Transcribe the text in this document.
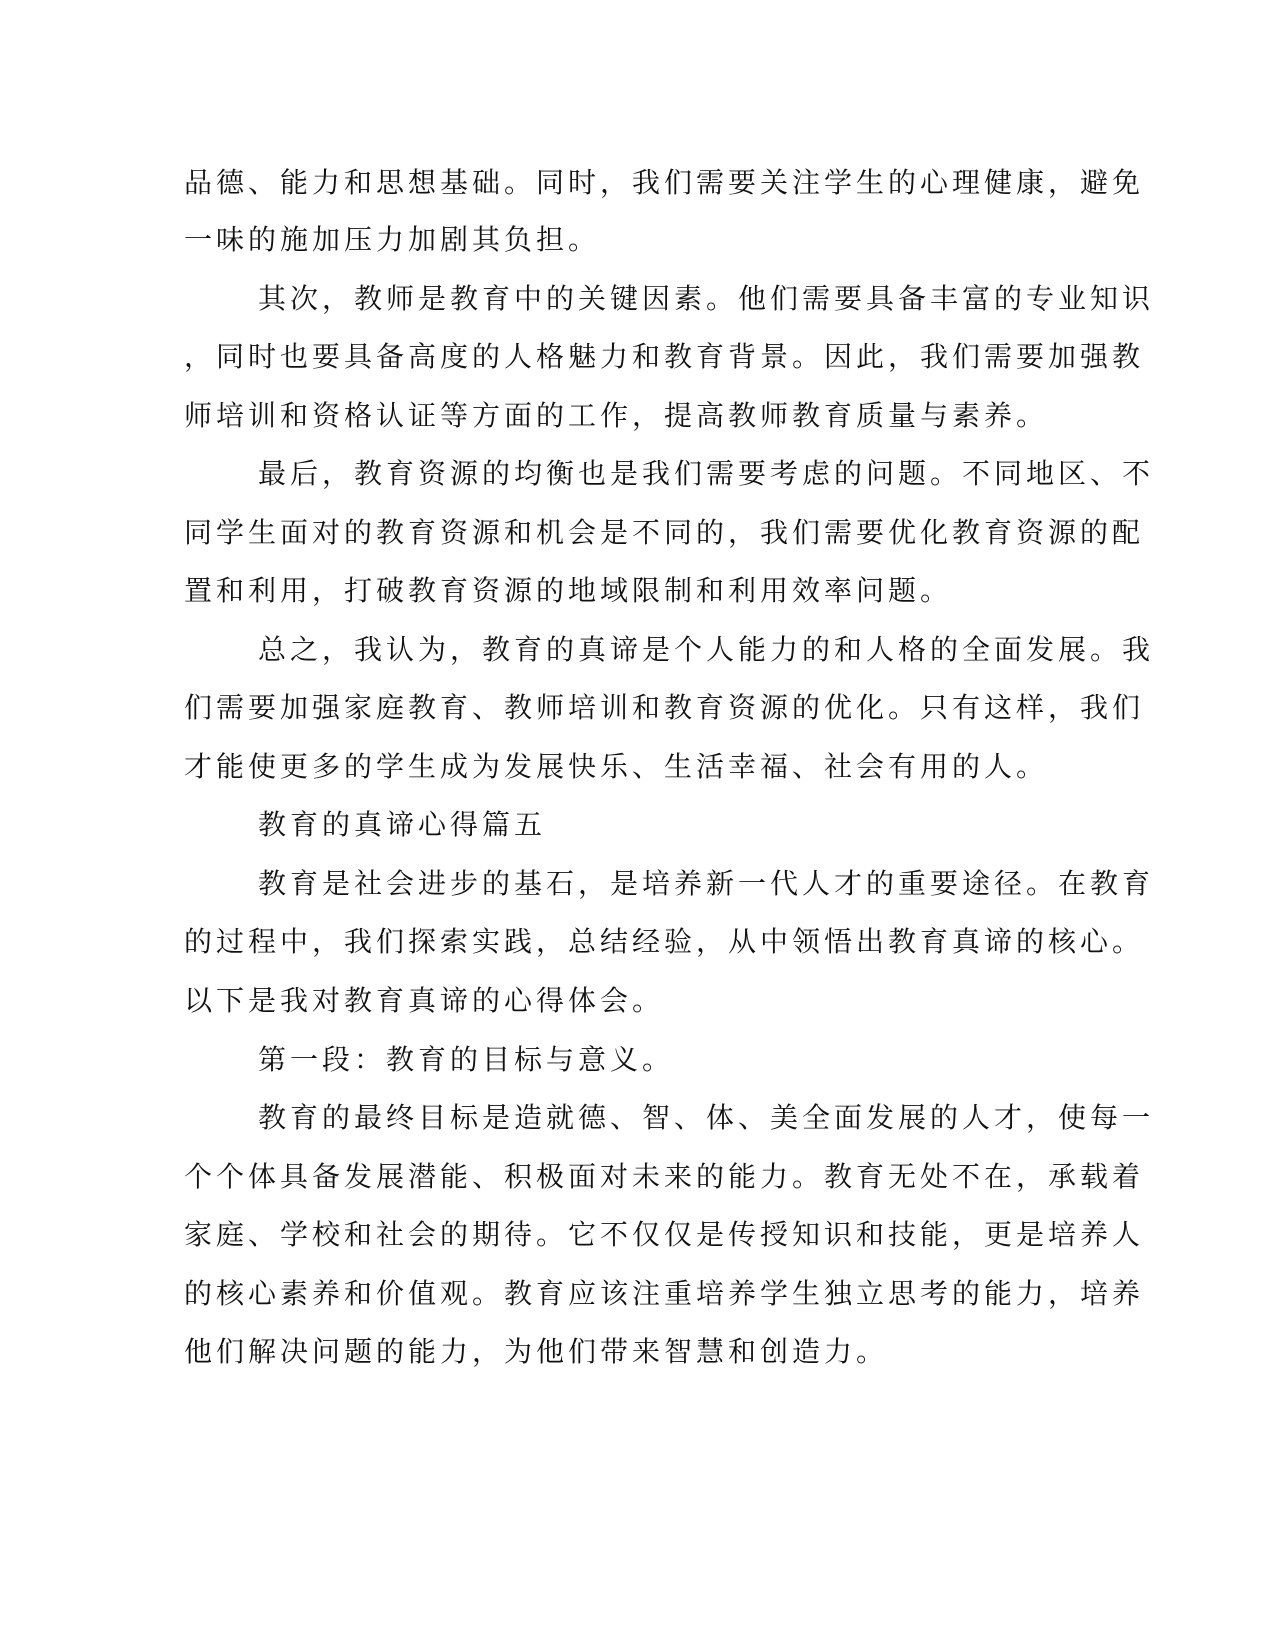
品德、能力和思想基础。同时，我们需要关注学生的心理健康，避免
一味的施加压力加剧其负担。
其次，教师是教育中的关键因素。他们需要具备丰富的专业知识
，同时也要具备高度的人格魅力和教育背景。因此，我们需要加强教
师培训和资格认证等方面的工作，提高教师教育质量与素养。
最后，教育资源的均衡也是我们需要考虑的问题。不同地区、不
同学生面对的教育资源和机会是不同的，我们需要优化教育资源的配
置和利用，打破教育资源的地域限制和利用效率问题。
总之，我认为，教育的真谛是个人能力的和人格的全面发展。我
们需要加强家庭教育、教师培训和教育资源的优化。只有这样，我们
才能使更多的学生成为发展快乐、生活幸福、社会有用的人。
教育的真谛心得篇五
教育是社会进步的基石，是培养新一代人才的重要途径。在教育
的过程中，我们探索实践，总结经验，从中领悟出教育真谛的核心。
以下是我对教育真谛的心得体会。
第一段：教育的目标与意义。
教育的最终目标是造就德、智、体、美全面发展的人才，使每一
个个体具备发展潜能、积极面对未来的能力。教育无处不在，承载着
家庭、学校和社会的期待。它不仅仅是传授知识和技能，更是培养人
的核心素养和价值观。教育应该注重培养学生独立思考的能力，培养
他们解决问题的能力，为他们带来智慧和创造力。
